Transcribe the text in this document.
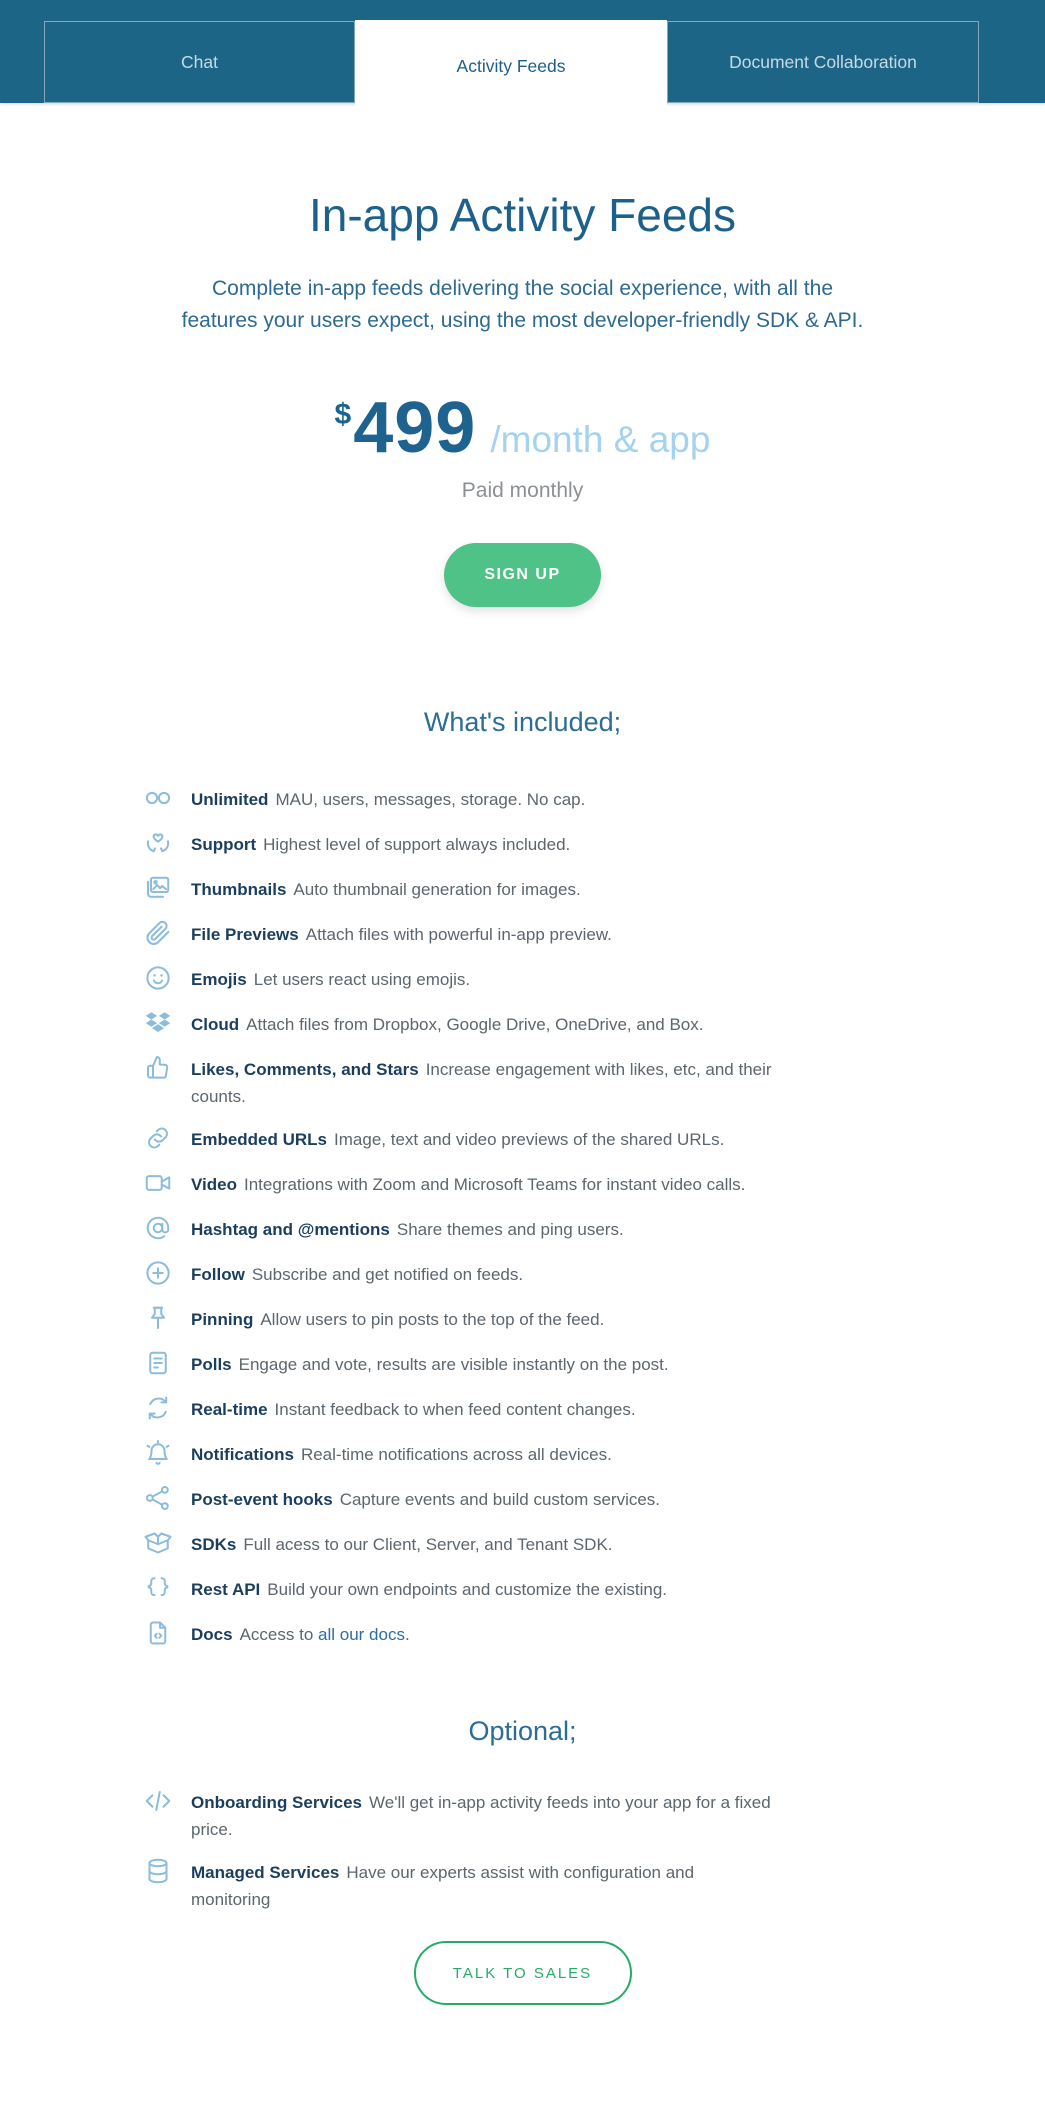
Chat	Activity Feeds	Document Collaboration
In-app Activity Feeds

Complete in-app feeds delivering the social experience, with all the features your users expect, using the most developer-friendly SDK & API.

$ 499 /month & app
Paid monthly
SIGN UP
What's included;

Unlimited MAU, users, messages, storage. No cap.

Support Highest level of support always included.

Thumbnails Auto thumbnail generation for images.

File Previews Attach files with powerful in-app preview.

Emojis Let users react using emojis.

Cloud Attach files from Dropbox, Google Drive, OneDrive, and Box.

Likes, Comments, and Stars Increase engagement with likes, etc, and their counts.

Embedded URLs Image, text and video previews of the shared URLs.

Video Integrations with Zoom and Microsoft Teams for instant video calls.

Hashtag and @mentions Share themes and ping users.

Follow Subscribe and get notified on feeds.

Pinning Allow users to pin posts to the top of the feed.

Polls Engage and vote, results are visible instantly on the post.

Real-time Instant feedback to when feed content changes.

Notifications Real-time notifications across all devices.

Post-event hooks Capture events and build custom services.

SDKs Full acess to our Client, Server, and Tenant SDK.

Rest API Build your own endpoints and customize the existing.

Docs Access to all our docs.

Optional;

Onboarding Services We'll get in-app activity feeds into your app for a fixed price.

Managed Services Have our experts assist with configuration and monitoring

TALK TO SALES
